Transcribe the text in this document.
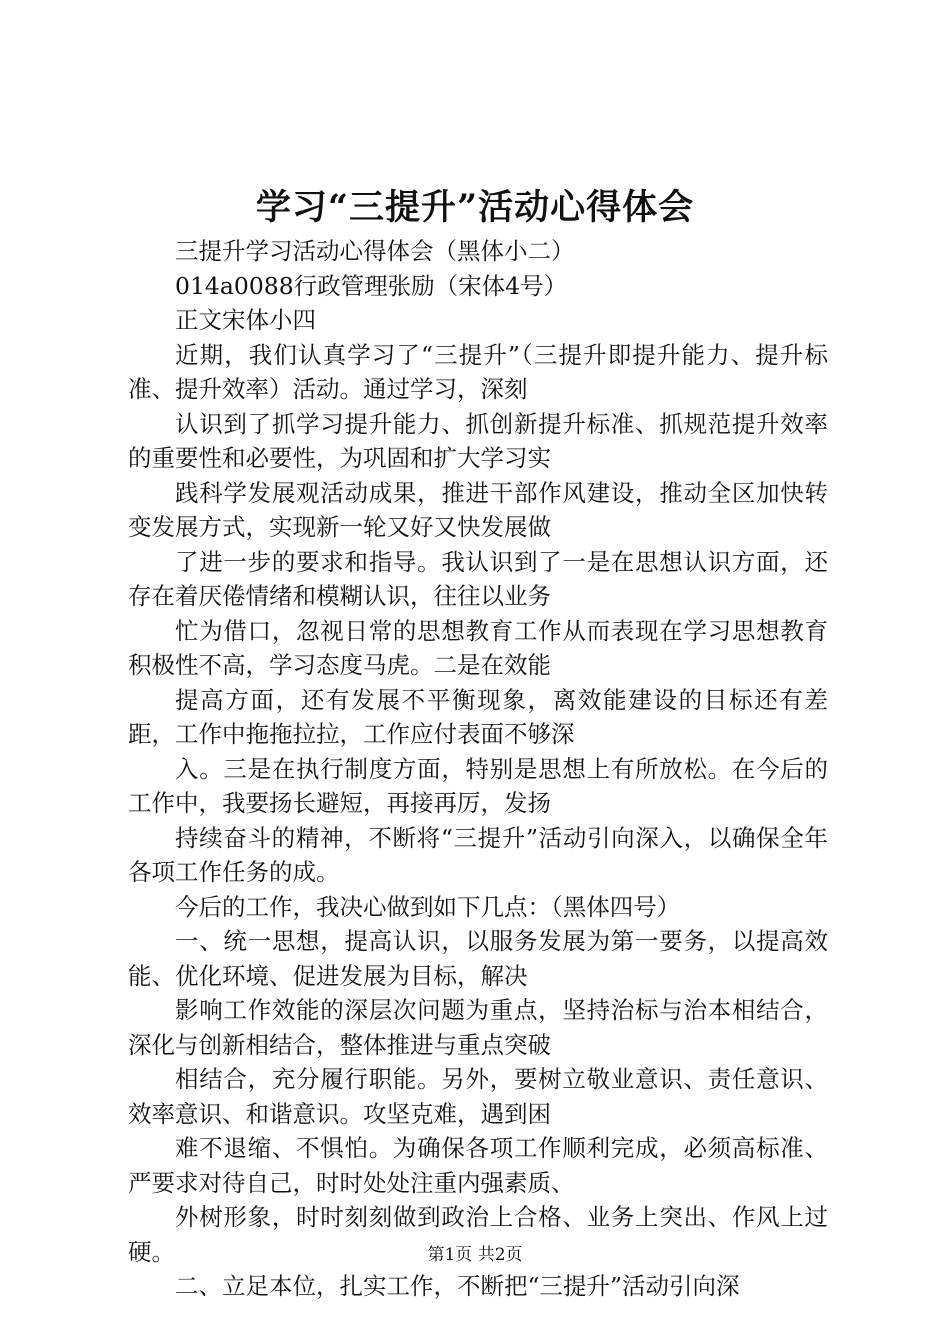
学习“三提升”活动心得体会

三提升学习活动心得体会（黑体小二）

014a0088行政管理张励（宋体4号）

正文宋体小四

近期，我们认真学习了“三提升”（三提升即提升能力、提升标准、提升效率）活动。通过学习，深刻

认识到了抓学习提升能力、抓创新提升标准、抓规范提升效率的重要性和必要性，为巩固和扩大学习实

践科学发展观活动成果，推进干部作风建设，推动全区加快转变发展方式，实现新一轮又好又快发展做

了进一步的要求和指导。我认识到了一是在思想认识方面，还存在着厌倦情绪和模糊认识，往往以业务

忙为借口，忽视日常的思想教育工作从而表现在学习思想教育积极性不高，学习态度马虎。二是在效能

提高方面，还有发展不平衡现象，离效能建设的目标还有差距，工作中拖拖拉拉，工作应付表面不够深

入。三是在执行制度方面，特别是思想上有所放松。在今后的工作中，我要扬长避短，再接再厉，发扬

持续奋斗的精神，不断将“三提升”活动引向深入，以确保全年各项工作任务的成。

今后的工作，我决心做到如下几点：（黑体四号）

一、统一思想，提高认识，以服务发展为第一要务，以提高效能、优化环境、促进发展为目标，解决

影响工作效能的深层次问题为重点，坚持治标与治本相结合，深化与创新相结合，整体推进与重点突破

相结合，充分履行职能。另外，要树立敬业意识、责任意识、效率意识、和谐意识。攻坚克难，遇到困

难不退缩、不惧怕。为确保各项工作顺利完成，必须高标准、严要求对待自己，时时处处注重内强素质、

外树形象，时时刻刻做到政治上合格、业务上突出、作风上过硬。

二、立足本位，扎实工作，不断把“三提升”活动引向深

第1页 共2页
